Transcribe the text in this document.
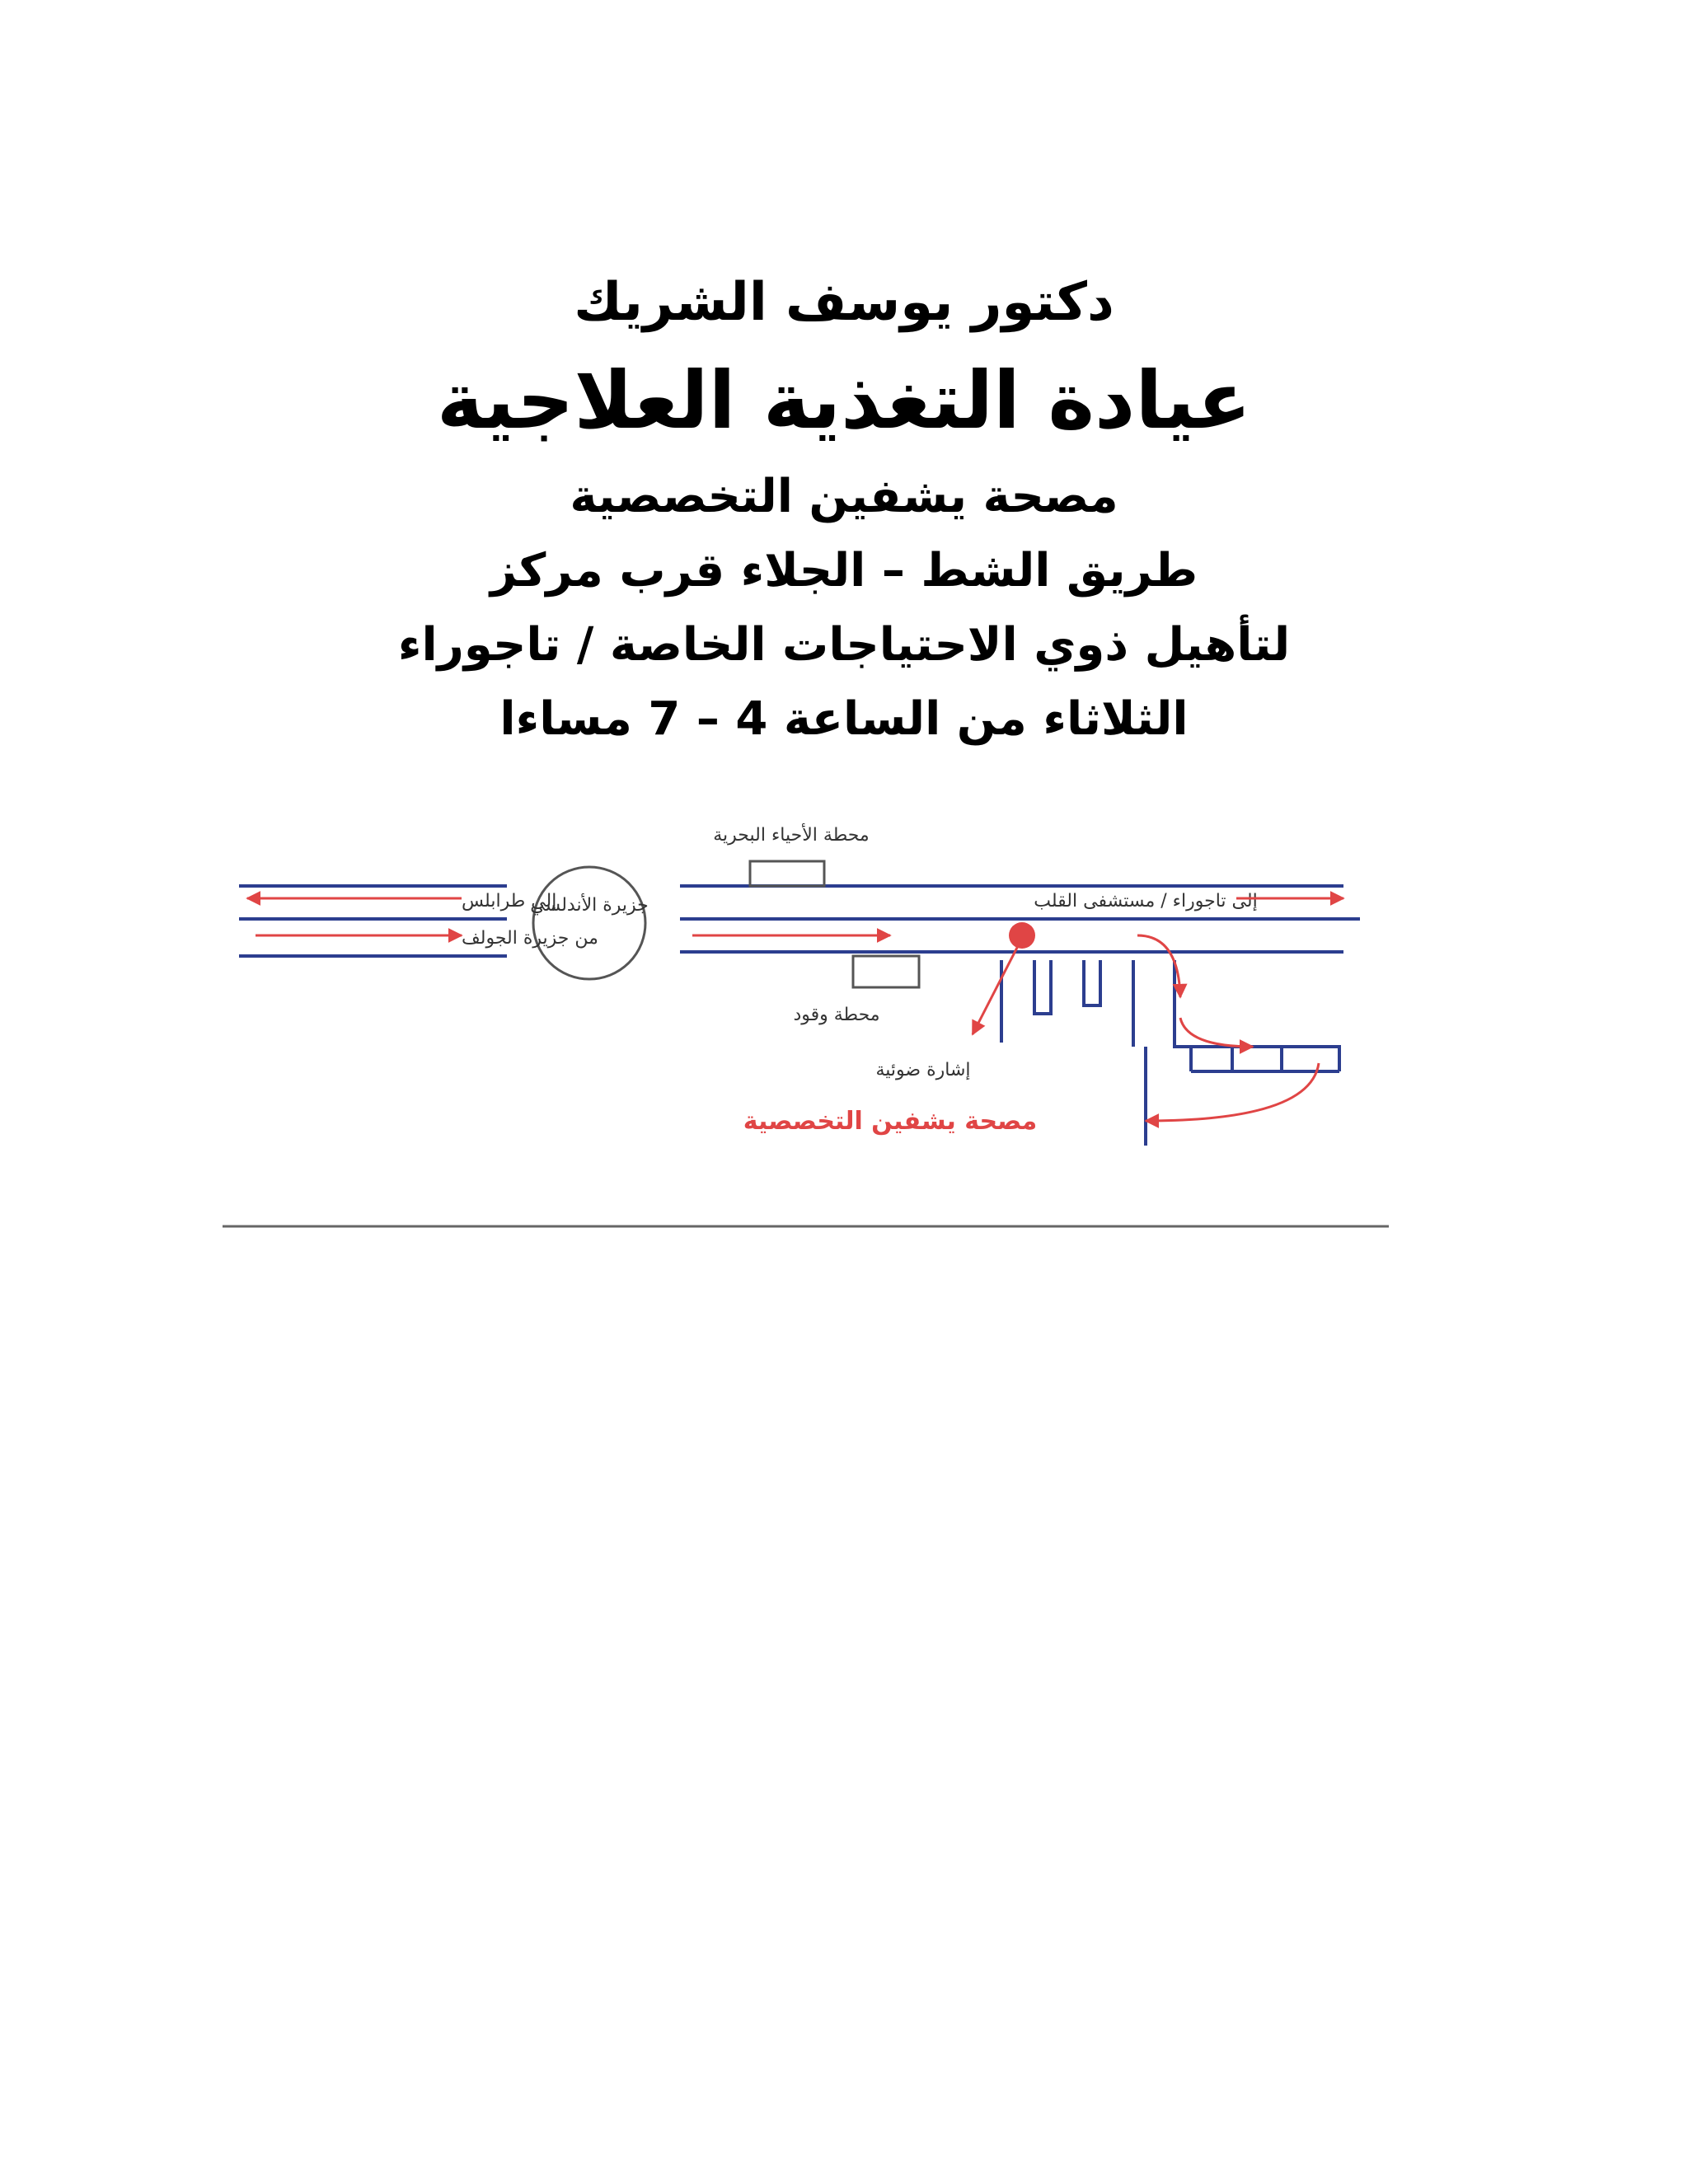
دكتور يوسف الشريك
عيادة التغذية العلاجية
مصحة يشفين التخصصية
طريق الشط – الجلاء قرب مركز
لتأهيل ذوي الاحتياجات الخاصة / تاجوراء
الثلاثاء من الساعة 4 – 7 مساءا
جزيرة الأندلسي
محطة الأحياء البحرية
محطة وقود
إشارة ضوئية
إلى طرابلس
من جزيرة الجولف
إلى تاجوراء / مستشفى القلب
مصحة يشفين التخصصية
